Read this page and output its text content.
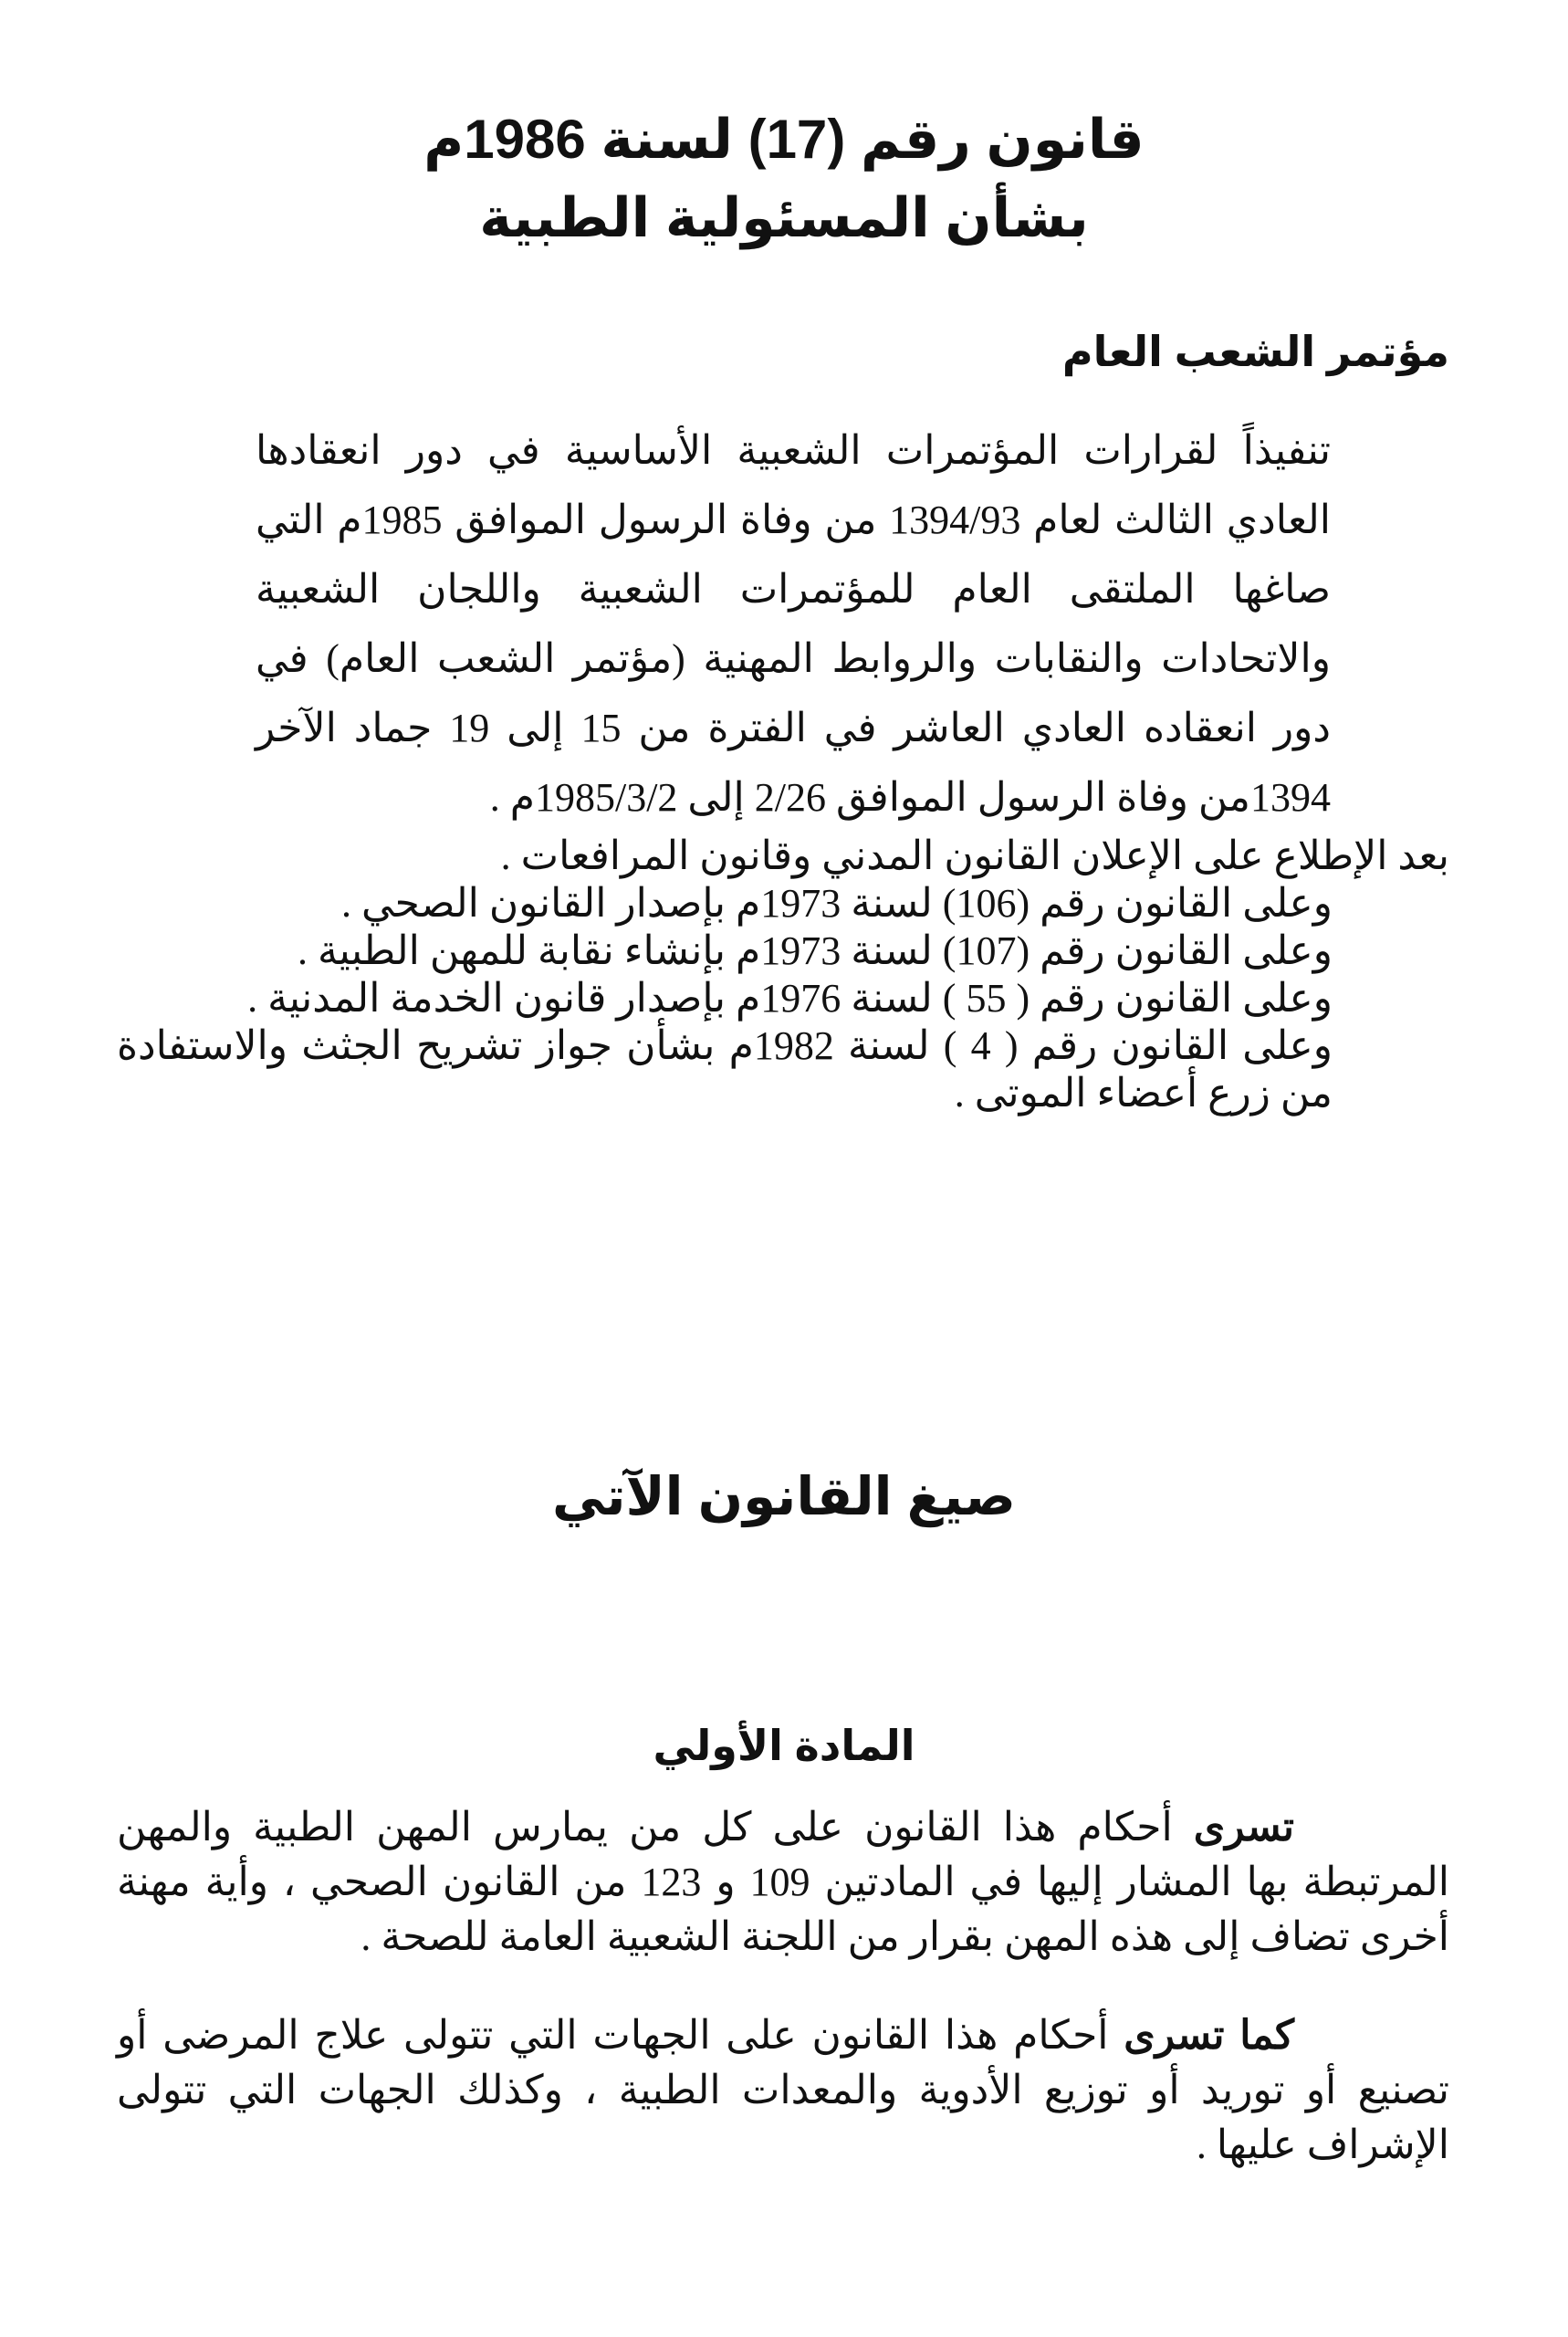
قانون رقم (17) لسنة 1986م

بشأن المسئولية الطبية

مؤتمر الشعب العام

تنفيذاً لقرارات المؤتمرات الشعبية الأساسية في دور انعقادها العادي الثالث لعام 1394/93 من وفاة الرسول الموافق 1985م التي صاغها الملتقى العام للمؤتمرات الشعبية واللجان الشعبية والاتحادات والنقابات والروابط المهنية (مؤتمر الشعب العام) في دور انعقاده العادي العاشر في الفترة من 15 إلى 19 جماد الآخر 1394من وفاة الرسول الموافق 2/26 إلى 1985/3/2م .

بعد الإطلاع على الإعلان القانون المدني وقانون المرافعات .
وعلى القانون رقم (106) لسنة 1973م بإصدار القانون الصحي .
وعلى القانون رقم (107) لسنة 1973م بإنشاء نقابة للمهن الطبية .
وعلى القانون رقم ( 55 ) لسنة 1976م بإصدار قانون الخدمة المدنية .
وعلى القانون رقم ( 4 ) لسنة 1982م بشأن جواز تشريح الجثث والاستفادة من زرع أعضاء الموتى .

صيغ القانون الآتي

المادة الأولي

تسرى أحكام هذا القانون على كل من يمارس المهن الطبية والمهن المرتبطة بها المشار إليها في المادتين 109 و 123 من القانون الصحي ، وأية مهنة أخرى تضاف إلى هذه المهن بقرار من اللجنة الشعبية العامة للصحة .

كما تسرى أحكام هذا القانون على الجهات التي تتولى علاج المرضى أو تصنيع أو توريد أو توزيع الأدوية والمعدات الطبية ، وكذلك الجهات التي تتولى الإشراف عليها .
